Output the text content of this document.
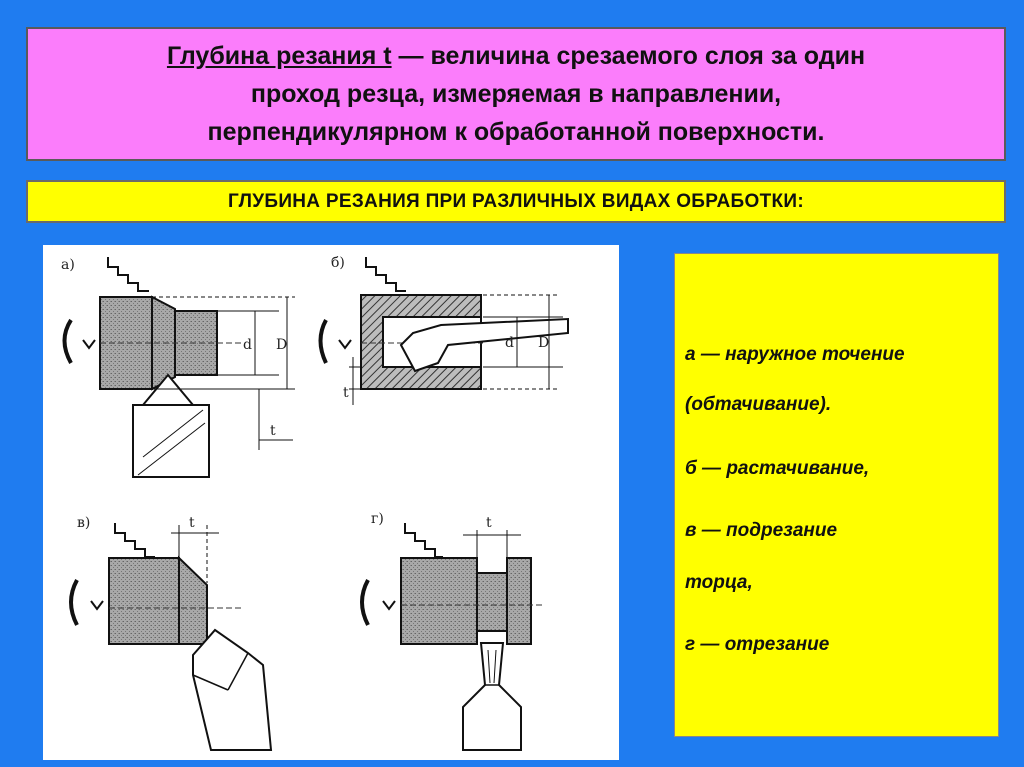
Глубина резания t — величина срезаемого слоя за один
проход резца, измеряемая в направлении,
перпендикулярном к обработанной поверхности.
ГЛУБИНА РЕЗАНИЯ ПРИ РАЗЛИЧНЫХ ВИДАХ ОБРАБОТКИ:
а)
d D
t
б)
d D
t
в)	t	г)	t
а — наружное точение
(обтачивание).
б — растачивание,
в — подрезание
торца,
г — отрезание
